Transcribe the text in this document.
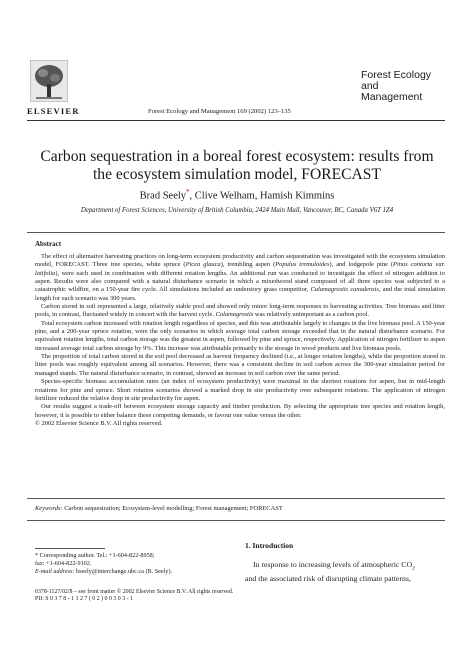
ELSEVIER	Forest Ecology and Management 169 (2002) 123–135
Forest Ecology
and
Management
Carbon sequestration in a boreal forest ecosystem: results from
the ecosystem simulation model, FORECAST
Brad Seely*, Clive Welham, Hamish Kimmins
Department of Forest Sciences, University of British Columbia, 2424 Main Mall, Vancouver, BC, Canada V6T 1Z4
Abstract

The effect of alternative harvesting practices on long-term ecosystem productivity and carbon sequestration was investigated with the ecosystem simulation model, FORECAST. Three tree species, white spruce (Picea glauca), trembling aspen (Populus tremuloides), and lodgepole pine (Pinus contorta var. latifolia), were each used in combination with different rotation lengths. An additional run was conducted to investigate the effect of nitrogen addition to aspen. Results were also compared with a natural disturbance scenario in which a mixedwood stand composed of all three species was subjected to a catastrophic wildfire, on a 150-year fire cycle. All simulations included an understory grass competitor, Calamagrostis canadensis, and the total simulation length for each scenario was 300 years.

Carbon stored in soil represented a large, relatively stable pool and showed only minor long-term responses to harvesting activities. Tree biomass and litter pools, in contrast, fluctuated widely in concert with the harvest cycle. Calamagrostis was relatively unimportant as a carbon pool.

Total ecosystem carbon increased with rotation length regardless of species, and this was attributable largely to changes in the live biomass pool. A 150-year pine, and a 200-year spruce rotation, were the only scenarios in which average total carbon storage exceeded that in the natural disturbance scenario. For equivalent rotation lengths, total carbon storage was the greatest in aspen, followed by pine and spruce, respectively. Application of nitrogen fertilizer to aspen increased average total carbon storage by 9%. This increase was attributable primarily to the storage in wood products and live biomass pools.

The proportion of total carbon stored in the soil pool decreased as harvest frequency declined (i.e., at longer rotation lengths), while the proportion stored in litter pools was roughly equivalent among all scenarios. However, there was a consistent decline in soil carbon across the 300-year simulation period for managed stands. The natural disturbance scenario, in contrast, showed an increase in soil carbon over the same period.

Species-specific biomass accumulation rates (an index of ecosystem productivity) were maximal in the shortest rotations for aspen, but in mid-length rotations for pine and spruce. Short rotation scenarios showed a marked drop in site productivity over subsequent rotations. The application of nitrogen fertilizer reduced the relative drop in site productivity for aspen.

Our results suggest a trade-off between ecosystem storage capacity and timber production. By selecting the appropriate tree species and rotation length, however, it is possible to either balance these competing demands, or favour one value versus the other.
© 2002 Elsevier Science B.V. All rights reserved.

Keywords: Carbon sequestration; Ecosystem-level modelling; Forest management; FORECAST
* Corresponding author. Tel.: +1-604-822-8958;
fax: +1-604-822-9102.
E-mail address: bseely@interchange.ubc.ca (B. Seely).
0378-1127/02/$ – see front matter © 2002 Elsevier Science B.V. All rights reserved.
PII: S 0 3 7 8 - 1 1 2 7 ( 0 2 ) 0 0 3 0 3 - 1
1. Introduction

In response to increasing levels of atmospheric $CO_2$

and the associated risk of disrupting climate patterns,
